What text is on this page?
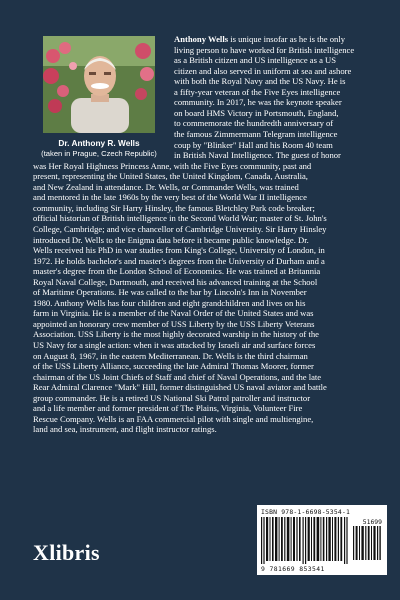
Dr. Anthony R. Wells
(taken in Prague, Czech Republic)
Anthony Wells is unique insofar as he is the only
living person to have worked for British intelligence
as a British citizen and US intelligence as a US
citizen and also served in uniform at sea and ashore
with both the Royal Navy and the US Navy. He is
a fifty-year veteran of the Five Eyes intelligence
community. In 2017, he was the keynote speaker
on board HMS Victory in Portsmouth, England,
to commemorate the hundredth anniversary of
the famous Zimmermann Telegram intelligence
coup by "Blinker" Hall and his Room 40 team
in British Naval Intelligence. The guest of honor
was Her Royal Highness Princess Anne, with the Five Eyes community, past and
present, representing the United States, the United Kingdom, Canada, Australia,
and New Zealand in attendance. Dr. Wells, or Commander Wells, was trained
and mentored in the late 1960s by the very best of the World War II intelligence
community, including Sir Harry Hinsley, the famous Bletchley Park code breaker;
official historian of British intelligence in the Second World War; master of St. John's
College, Cambridge; and vice chancellor of Cambridge University. Sir Harry Hinsley
introduced Dr. Wells to the Enigma data before it became public knowledge. Dr.
Wells received his PhD in war studies from King's College, University of London, in
1972. He holds bachelor's and master's degrees from the University of Durham and a
master's degree from the London School of Economics. He was trained at Britannia
Royal Naval College, Dartmouth, and received his advanced training at the School
of Maritime Operations. He was called to the bar by Lincoln's Inn in November
1980. Anthony Wells has four children and eight grandchildren and lives on his
farm in Virginia. He is a member of the Naval Order of the United States and was
appointed an honorary crew member of USS Liberty by the USS Liberty Veterans
Association. USS Liberty is the most highly decorated warship in the history of the
US Navy for a single action: when it was attacked by Israeli air and surface forces
on August 8, 1967, in the eastern Mediterranean. Dr. Wells is the third chairman
of the USS Liberty Alliance, succeeding the late Admiral Thomas Moorer, former
chairman of the US Joint Chiefs of Staff and chief of Naval Operations, and the late
Rear Admiral Clarence "Mark" Hill, former distinguished US naval aviator and battle
group commander. He is a retired US National Ski Patrol patroller and instructor
and a life member and former president of The Plains, Virginia, Volunteer Fire
Rescue Company. Wells is an FAA commercial pilot with single and multiengine,
land and sea, instrument, and flight instructor ratings.
ISBN 978-1-6698-5354-1
51699
9 781669 853541
Xlibris
